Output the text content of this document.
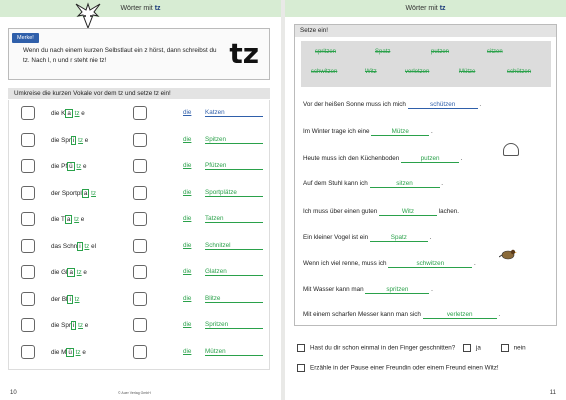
Wörter mit tz
Merke!
Wenn du nach einem kurzen Selbstlaut ein z hörst, dann schreibst du tz. Nach l, n und r steht nie tz!	tz
Umkreise die kurzen Vokale vor dem tz und setze tz ein!
die K a tz e	die Katzen
die Spr i tz e	die Spitzen
die Pf ü tz e	die Pfützen
der Sportpl a tz	die Sportplätze
die T a tz e	die Tatzen
das Schn i tz el	die Schnitzel
die Gl a tz e	die Glatzen
der Bl i tz	die Blitze
die Spr i tz e	die Spritzen
die M ü tz e	die Mützen
10	© Auer Verlag GmbH
Wörter mit tz
Setze ein!
spritzen	Spatz	putzen	sitzen
schwitzen	Witz	verletzen	Mütze	schützen
Vor der heißen Sonne muss ich mich	schützen	.
Im Winter trage ich eine	Mütze	.
Heute muss ich den Küchenboden	putzen	.
Auf dem Stuhl kann ich	sitzen	.
Ich muss über einen guten	Witz	lachen.
Ein kleiner Vogel ist ein	Spatz	.
Wenn ich viel renne, muss ich	schwitzen	.
Mit Wasser kann man	spritzen	.
Mit einem scharfen Messer kann man sich	verletzen	.
Hast du dir schon einmal in den Finger geschnitten?	ja	nein
Erzähle in der Pause einer Freundin oder einem Freund einen Witz!
11
